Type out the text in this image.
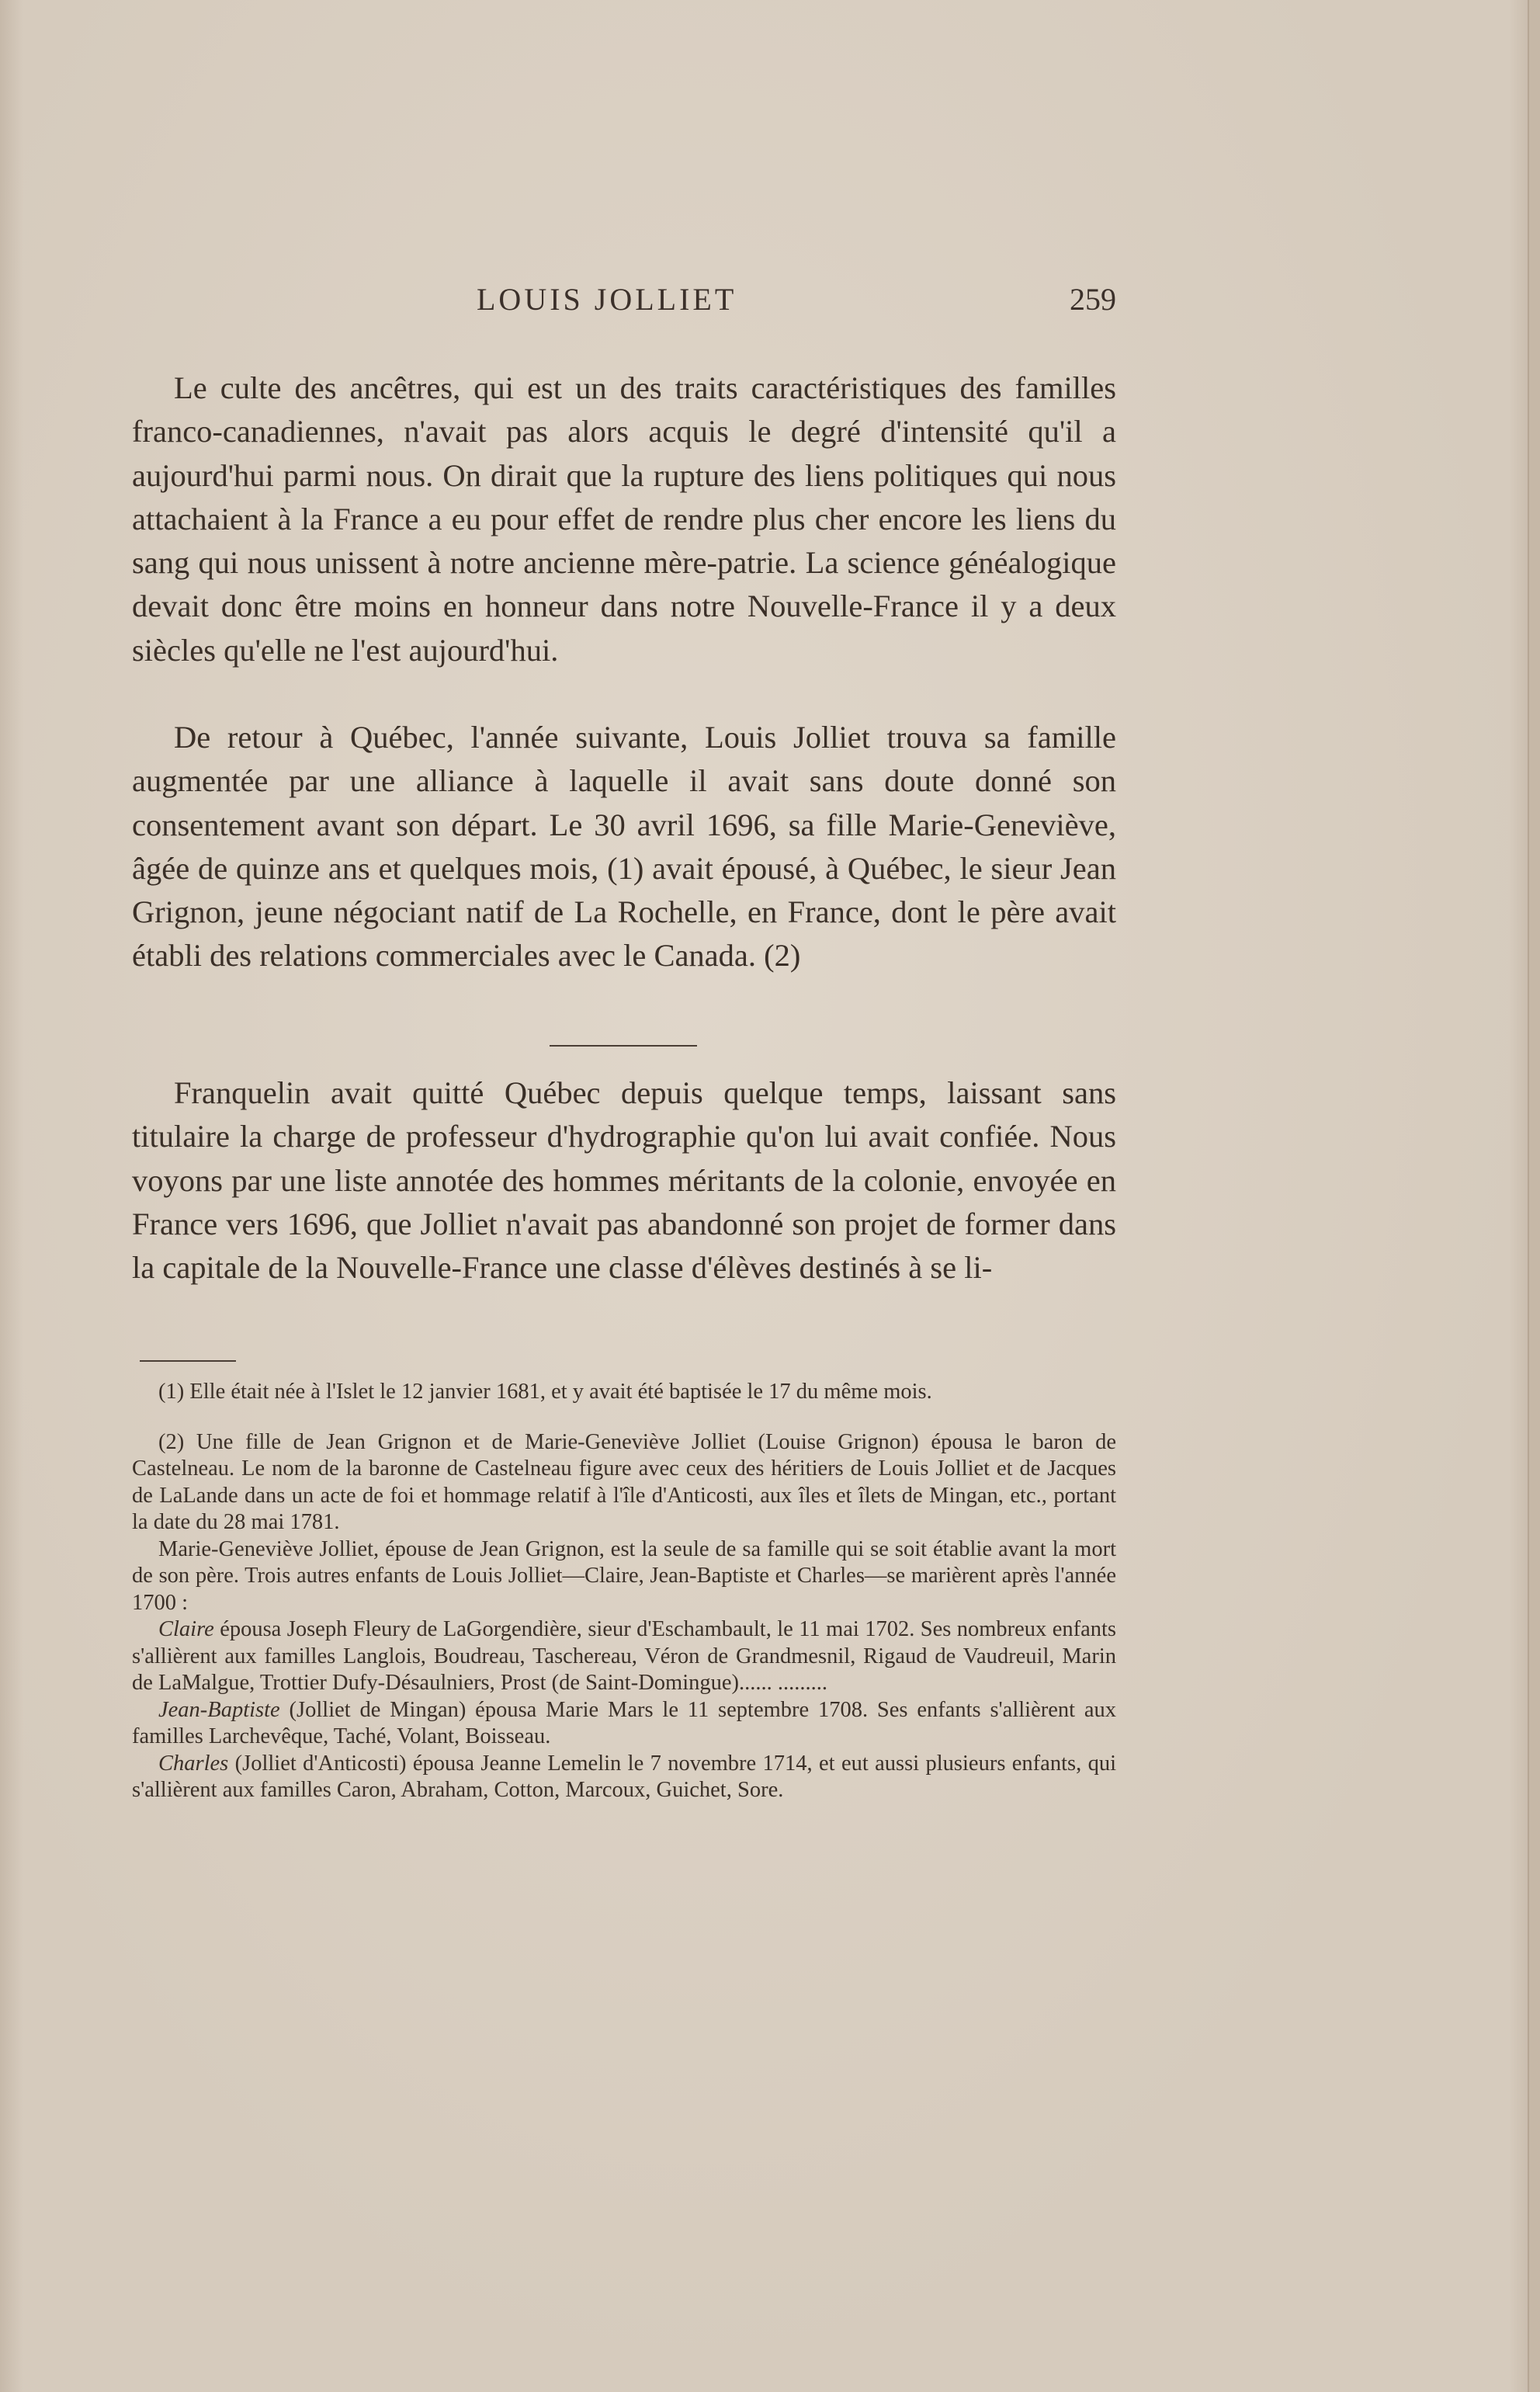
LOUIS JOLLIET	259

Le culte des ancêtres, qui est un des traits caractéristiques des familles franco-canadiennes, n'avait pas alors acquis le degré d'intensité qu'il a aujourd'hui parmi nous. On dirait que la rupture des liens politiques qui nous attachaient à la France a eu pour effet de rendre plus cher encore les liens du sang qui nous unissent à notre ancienne mère-patrie. La science généalogique devait donc être moins en honneur dans notre Nouvelle-France il y a deux siècles qu'elle ne l'est aujourd'hui.

De retour à Québec, l'année suivante, Louis Jolliet trouva sa famille augmentée par une alliance à laquelle il avait sans doute donné son consentement avant son départ. Le 30 avril 1696, sa fille Marie-Geneviève, âgée de quinze ans et quelques mois, (1) avait épousé, à Québec, le sieur Jean Grignon, jeune négociant natif de La Rochelle, en France, dont le père avait établi des relations commerciales avec le Canada. (2)

Franquelin avait quitté Québec depuis quelque temps, laissant sans titulaire la charge de professeur d'hydrographie qu'on lui avait confiée. Nous voyons par une liste annotée des hommes méritants de la colonie, envoyée en France vers 1696, que Jolliet n'avait pas abandonné son projet de former dans la capitale de la Nouvelle-France une classe d'élèves destinés à se li-

(1) Elle était née à l'Islet le 12 janvier 1681, et y avait été baptisée le 17 du même mois.

(2) Une fille de Jean Grignon et de Marie-Geneviève Jolliet (Louise Grignon) épousa le baron de Castelneau. Le nom de la baronne de Castelneau figure avec ceux des héritiers de Louis Jolliet et de Jacques de LaLande dans un acte de foi et hommage relatif à l'île d'Anticosti, aux îles et îlets de Mingan, etc., portant la date du 28 mai 1781.

Marie-Geneviève Jolliet, épouse de Jean Grignon, est la seule de sa famille qui se soit établie avant la mort de son père. Trois autres enfants de Louis Jolliet—Claire, Jean-Baptiste et Charles—se marièrent après l'année 1700 :

Claire épousa Joseph Fleury de LaGorgendière, sieur d'Eschambault, le 11 mai 1702. Ses nombreux enfants s'allièrent aux familles Langlois, Boudreau, Taschereau, Véron de Grandmesnil, Rigaud de Vaudreuil, Marin de LaMalgue, Trottier Dufy-Désaulniers, Prost (de Saint-Domingue)...... .........

Jean-Baptiste (Jolliet de Mingan) épousa Marie Mars le 11 septembre 1708. Ses enfants s'allièrent aux familles Larchevêque, Taché, Volant, Boisseau.

Charles (Jolliet d'Anticosti) épousa Jeanne Lemelin le 7 novembre 1714, et eut aussi plusieurs enfants, qui s'allièrent aux familles Caron, Abraham, Cotton, Marcoux, Guichet, Sore.
